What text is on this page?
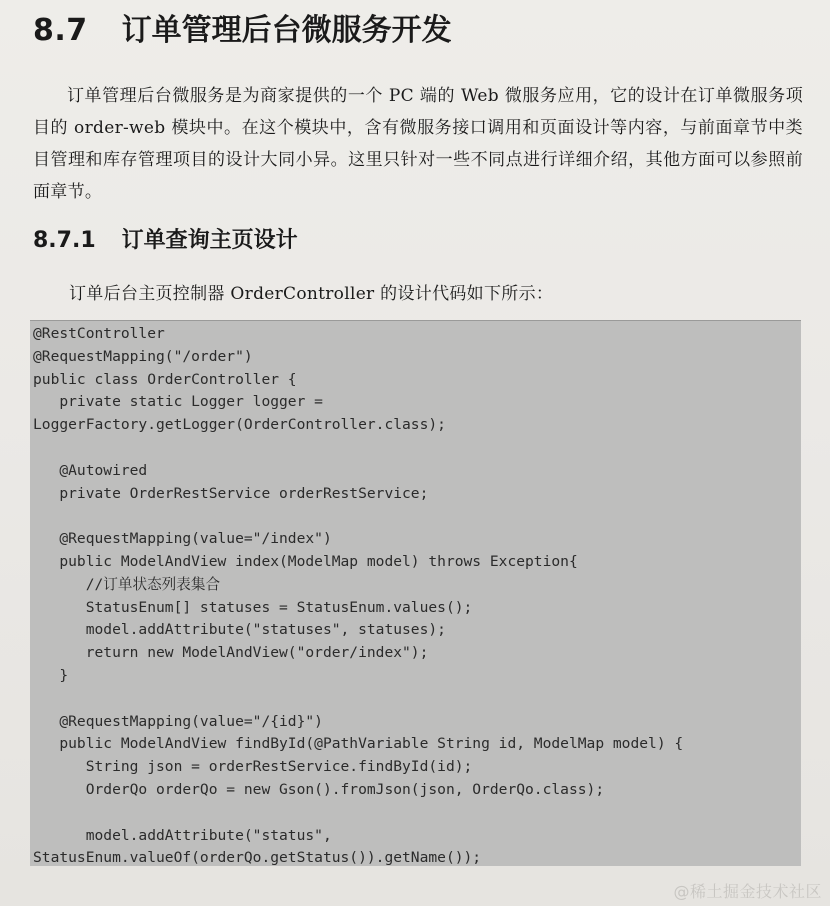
8.7 订单管理后台微服务开发
订单管理后台微服务是为商家提供的一个 PC 端的 Web 微服务应用，它的设计在订单微服务项目的 order-web 模块中。在这个模块中，含有微服务接口调用和页面设计等内容，与前面章节中类目管理和库存管理项目的设计大同小异。这里只针对一些不同点进行详细介绍，其他方面可以参照前面章节。
8.7.1 订单查询主页设计
订单后台主页控制器 OrderController 的设计代码如下所示：
@RestController
@RequestMapping("/order")
public class OrderController {
private static Logger logger =
LoggerFactory.getLogger(OrderController.class);
@Autowired
private OrderRestService orderRestService;
@RequestMapping(value="/index")
public ModelAndView index(ModelMap model) throws Exception{
//订单状态列表集合
StatusEnum[] statuses = StatusEnum.values();
model.addAttribute("statuses", statuses);
return new ModelAndView("order/index");
}
@RequestMapping(value="/{id}")
public ModelAndView findById(@PathVariable String id, ModelMap model) {
String json = orderRestService.findById(id);
OrderQo orderQo = new Gson().fromJson(json, OrderQo.class);
model.addAttribute("status",
StatusEnum.valueOf(orderQo.getStatus()).getName());
@稀土掘金技术社区
